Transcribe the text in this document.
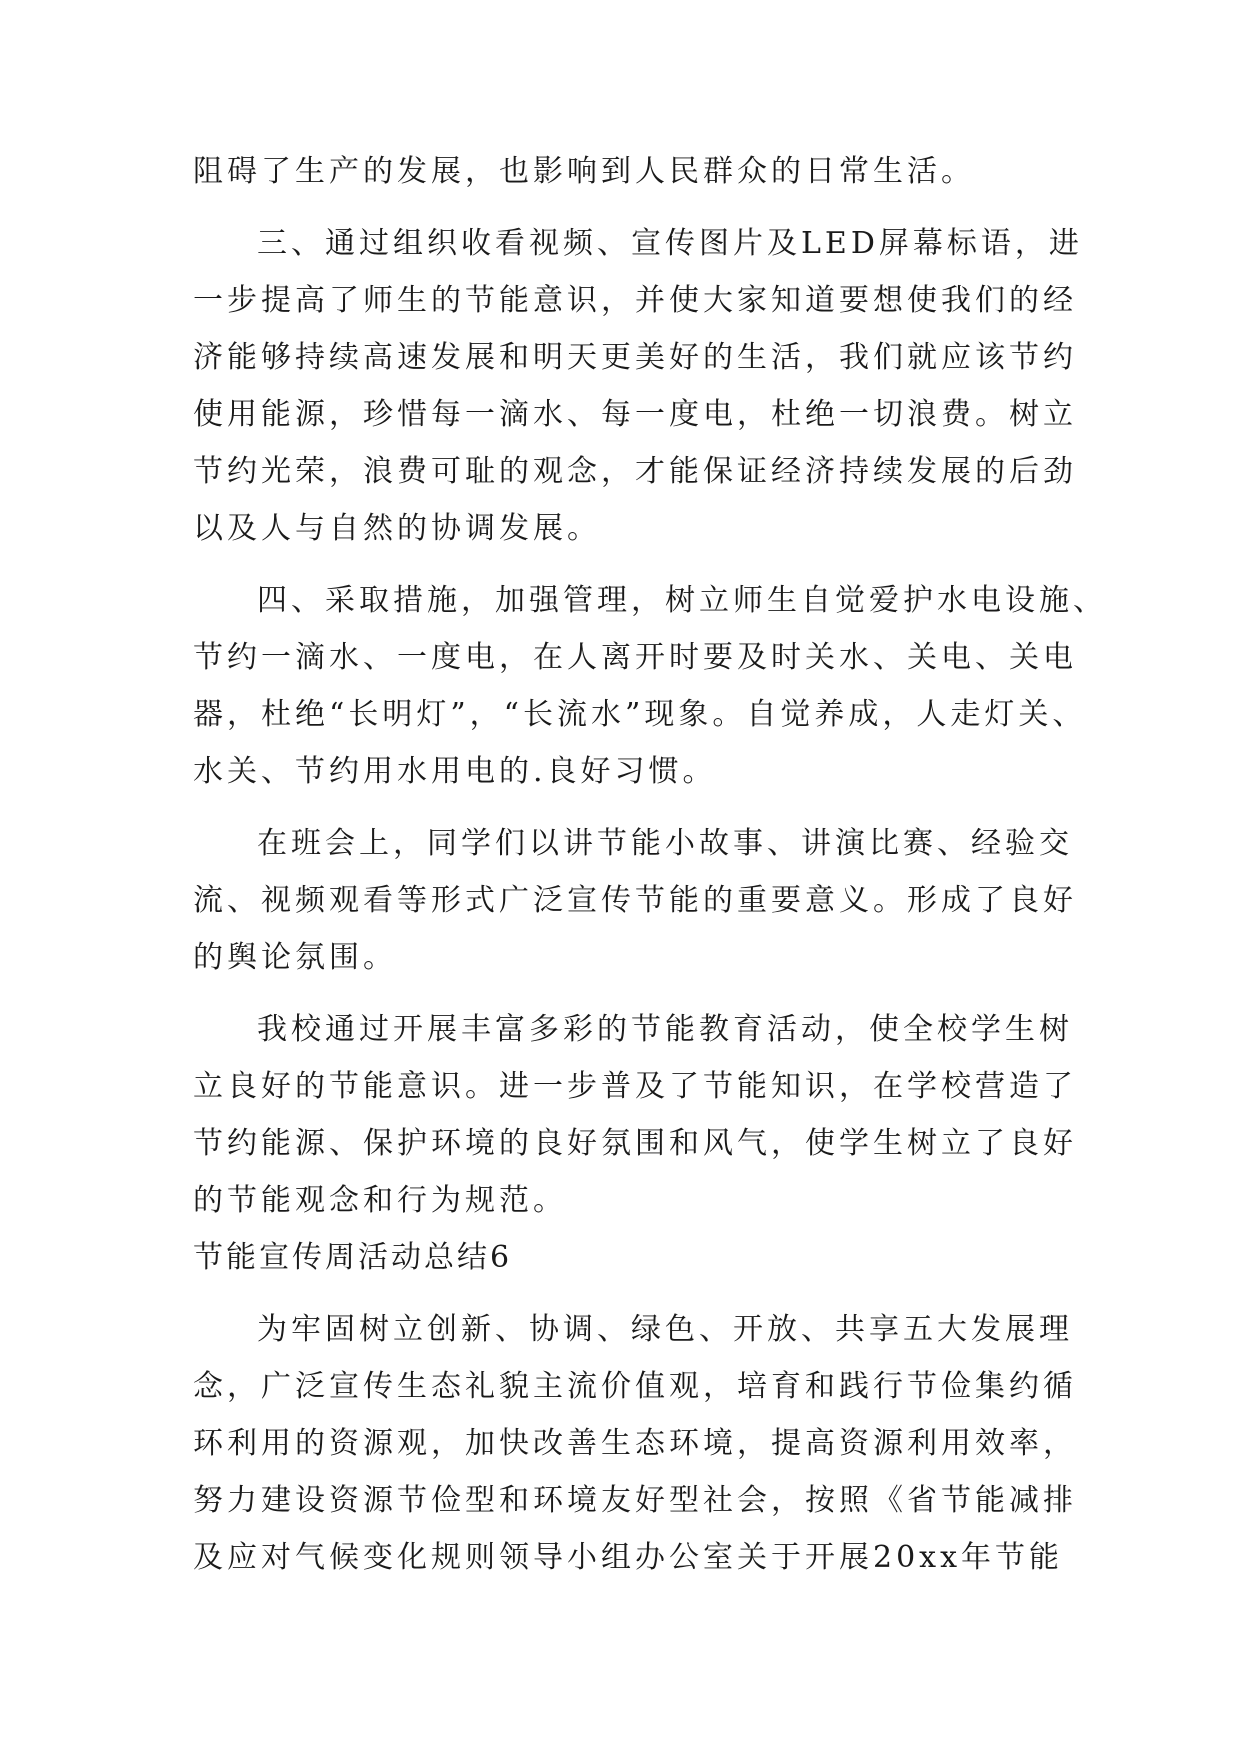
阻碍了生产的发展，也影响到人民群众的日常生活。
三、通过组织收看视频、宣传图片及LED屏幕标语，进
一步提高了师生的节能意识，并使大家知道要想使我们的经
济能够持续高速发展和明天更美好的生活，我们就应该节约
使用能源，珍惜每一滴水、每一度电，杜绝一切浪费。树立
节约光荣，浪费可耻的观念，才能保证经济持续发展的后劲
以及人与自然的协调发展。
四、采取措施，加强管理，树立师生自觉爱护水电设施、
节约一滴水、一度电，在人离开时要及时关水、关电、关电
器，杜绝“长明灯”，“长流水”现象。自觉养成，人走灯关、
水关、节约用水用电的.良好习惯。
在班会上，同学们以讲节能小故事、讲演比赛、经验交
流、视频观看等形式广泛宣传节能的重要意义。形成了良好
的舆论氛围。
我校通过开展丰富多彩的节能教育活动，使全校学生树
立良好的节能意识。进一步普及了节能知识，在学校营造了
节约能源、保护环境的良好氛围和风气，使学生树立了良好
的节能观念和行为规范。
节能宣传周活动总结6
为牢固树立创新、协调、绿色、开放、共享五大发展理
念，广泛宣传生态礼貌主流价值观，培育和践行节俭集约循
环利用的资源观，加快改善生态环境，提高资源利用效率，
努力建设资源节俭型和环境友好型社会，按照《省节能减排
及应对气候变化规则领导小组办公室关于开展20xx年节能
